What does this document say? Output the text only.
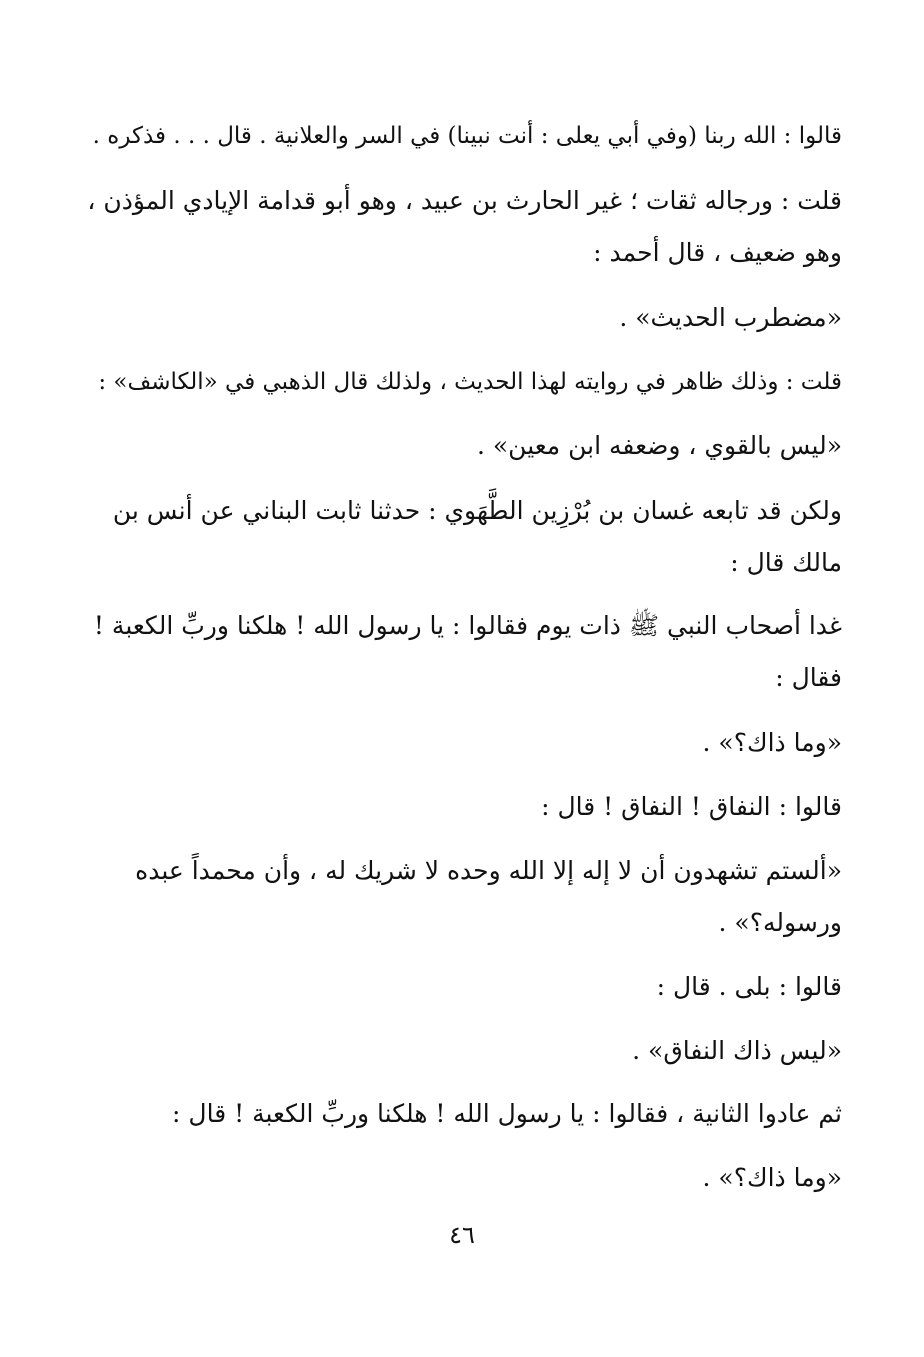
قالوا : الله ربنا (وفي أبي يعلى : أنت نبينا) في السر والعلانية . قال . . . فذكره .
قلت : ورجاله ثقات ؛ غير الحارث بن عبيد ، وهو أبو قدامة الإيادي المؤذن ،
وهو ضعيف ، قال أحمد :
«مضطرب الحديث» .
قلت : وذلك ظاهر في روايته لهذا الحديث ، ولذلك قال الذهبي في «الكاشف» :
«ليس بالقوي ، وضعفه ابن معين» .
ولكن قد تابعه غسان بن بُرْزِين الطَّهَوي : حدثنا ثابت البناني عن أنس بن
مالك قال :
غدا أصحاب النبي ﷺ ذات يوم فقالوا : يا رسول الله ! هلكنا وربِّ الكعبة !
فقال :
«وما ذاك؟» .
قالوا : النفاق ! النفاق ! قال :
«ألستم تشهدون أن لا إله إلا الله وحده لا شريك له ، وأن محمداً عبده
ورسوله؟» .
قالوا : بلى . قال :
«ليس ذاك النفاق» .
ثم عادوا الثانية ، فقالوا : يا رسول الله ! هلكنا وربِّ الكعبة ! قال :
«وما ذاك؟» .
٤٦
